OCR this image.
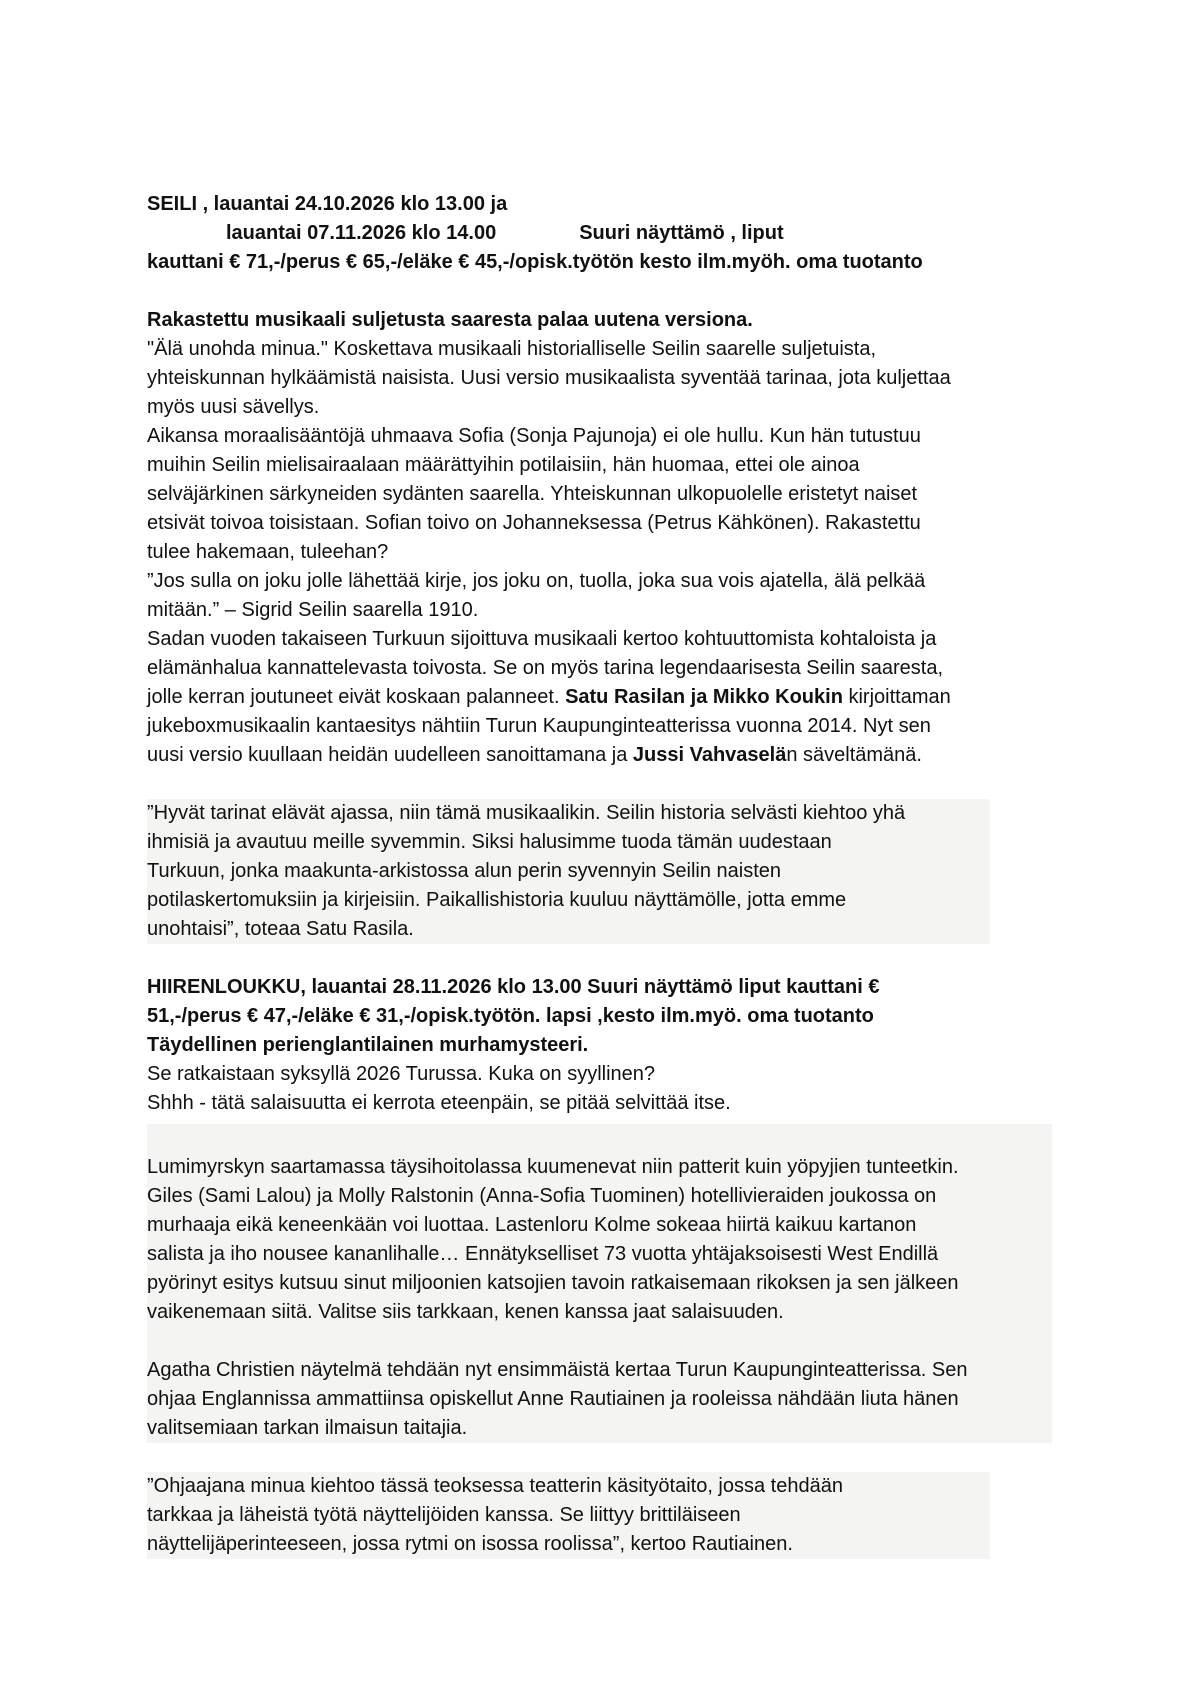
SEILI , lauantai 24.10.2026 klo 13.00 ja
lauantai 07.11.2026 klo 14.00	Suuri näyttämö , liput
kauttani € 71,-/perus € 65,-/eläke € 45,-/opisk.työtön kesto ilm.myöh. oma tuotanto
Rakastettu musikaali suljetusta saaresta palaa uutena versiona.
"Älä unohda minua." Koskettava musikaali historialliselle Seilin saarelle suljetuista,
yhteiskunnan hylkäämistä naisista. Uusi versio musikaalista syventää tarinaa, jota kuljettaa
myös uusi sävellys.
Aikansa moraalisääntöjä uhmaava Sofia (Sonja Pajunoja) ei ole hullu. Kun hän tutustuu
muihin Seilin mielisairaalaan määrättyihin potilaisiin, hän huomaa, ettei ole ainoa
selväjärkinen särkyneiden sydänten saarella. Yhteiskunnan ulkopuolelle eristetyt naiset
etsivät toivoa toisistaan. Sofian toivo on Johanneksessa (Petrus Kähkönen). Rakastettu
tulee hakemaan, tuleehan?
”Jos sulla on joku jolle lähettää kirje, jos joku on, tuolla, joka sua vois ajatella, älä pelkää
mitään.” – Sigrid Seilin saarella 1910.
Sadan vuoden takaiseen Turkuun sijoittuva musikaali kertoo kohtuuttomista kohtaloista ja
elämänhalua kannattelevasta toivosta. Se on myös tarina legendaarisesta Seilin saaresta,
jolle kerran joutuneet eivät koskaan palanneet. Satu Rasilan ja Mikko Koukin kirjoittaman
jukeboxmusikaalin kantaesitys nähtiin Turun Kaupunginteatterissa vuonna 2014. Nyt sen
uusi versio kuullaan heidän uudelleen sanoittamana ja Jussi Vahvaselän säveltämänä.
”Hyvät tarinat elävät ajassa, niin tämä musikaalikin. Seilin historia selvästi kiehtoo yhä
ihmisiä ja avautuu meille syvemmin. Siksi halusimme tuoda tämän uudestaan
Turkuun, jonka maakunta-arkistossa alun perin syvennyin Seilin naisten
potilaskertomuksiin ja kirjeisiin. Paikallishistoria kuuluu näyttämölle, jotta emme
unohtaisi”, toteaa Satu Rasila.
HIIRENLOUKKU, lauantai 28.11.2026 klo 13.00 Suuri näyttämö liput kauttani €
51,-/perus € 47,-/eläke € 31,-/opisk.työtön. lapsi ,kesto ilm.myö. oma tuotanto
Täydellinen perienglantilainen murhamysteeri.
Se ratkaistaan syksyllä 2026 Turussa. Kuka on syyllinen?
Shhh - tätä salaisuutta ei kerrota eteenpäin, se pitää selvittää itse.
Lumimyrskyn saartamassa täysihoitolassa kuumenevat niin patterit kuin yöpyjien tunteetkin.
Giles (Sami Lalou) ja Molly Ralstonin (Anna-Sofia Tuominen) hotellivieraiden joukossa on
murhaaja eikä keneenkään voi luottaa. Lastenloru Kolme sokeaa hiirtä kaikuu kartanon
salista ja iho nousee kananlihalle… Ennätykselliset 73 vuotta yhtäjaksoisesti West Endillä
pyörinyt esitys kutsuu sinut miljoonien katsojien tavoin ratkaisemaan rikoksen ja sen jälkeen
vaikenemaan siitä. Valitse siis tarkkaan, kenen kanssa jaat salaisuuden.
Agatha Christien näytelmä tehdään nyt ensimmäistä kertaa Turun Kaupunginteatterissa. Sen
ohjaa Englannissa ammattiinsa opiskellut Anne Rautiainen ja rooleissa nähdään liuta hänen
valitsemiaan tarkan ilmaisun taitajia.
”Ohjaajana minua kiehtoo tässä teoksessa teatterin käsityötaito, jossa tehdään
tarkkaa ja läheistä työtä näyttelijöiden kanssa. Se liittyy brittiläiseen
näyttelijäperinteeseen, jossa rytmi on isossa roolissa”, kertoo Rautiainen.
